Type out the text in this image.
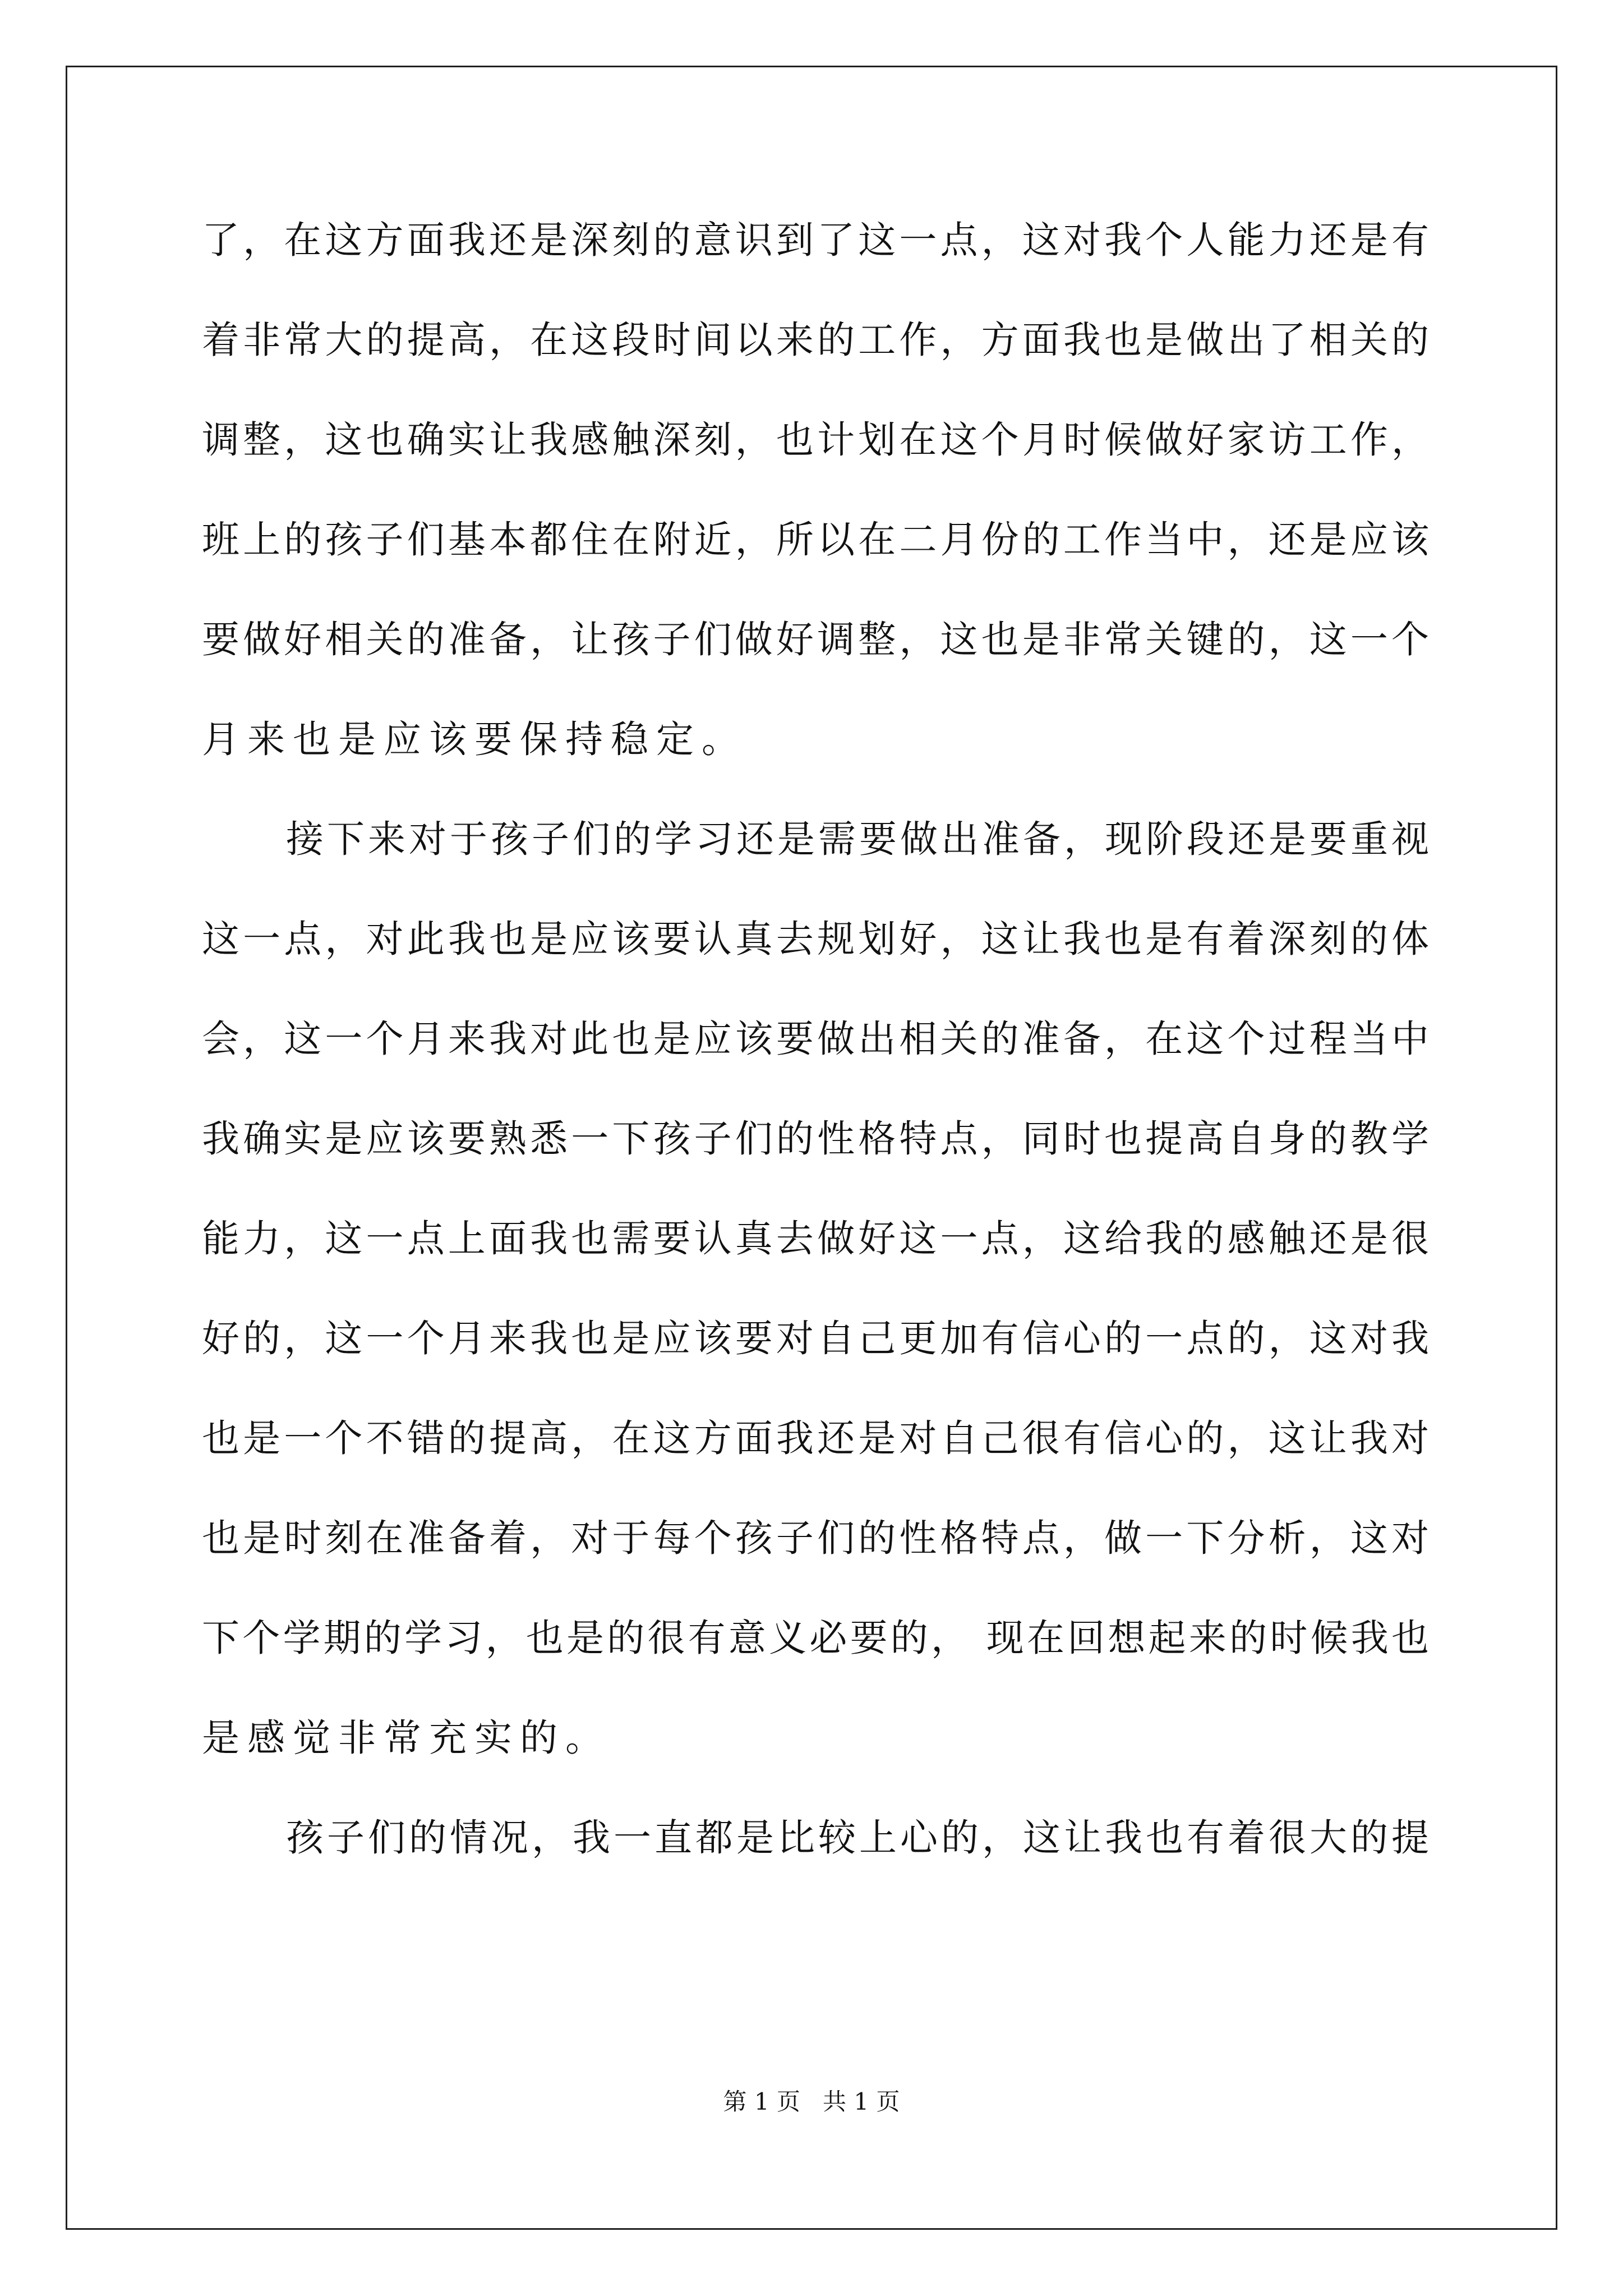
了，在这方面我还是深刻的意识到了这一点，这对我个人能力还是有
着非常大的提高，在这段时间以来的工作，方面我也是做出了相关的
调整，这也确实让我感触深刻，也计划在这个月时候做好家访工作，
班上的孩子们基本都住在附近，所以在二月份的工作当中，还是应该
要做好相关的准备，让孩子们做好调整，这也是非常关键的，这一个
月来也是应该要保持稳定。
接下来对于孩子们的学习还是需要做出准备，现阶段还是要重视
这一点，对此我也是应该要认真去规划好，这让我也是有着深刻的体
会，这一个月来我对此也是应该要做出相关的准备，在这个过程当中
我确实是应该要熟悉一下孩子们的性格特点，同时也提高自身的教学
能力，这一点上面我也需要认真去做好这一点，这给我的感触还是很
好的，这一个月来我也是应该要对自己更加有信心的一点的，这对我
也是一个不错的提高，在这方面我还是对自己很有信心的，这让我对
也是时刻在准备着，对于每个孩子们的性格特点，做一下分析，这对
下个学期的学习，也是的很有意义必要的， 现在回想起来的时候我也
是感觉非常充实的。
孩子们的情况，我一直都是比较上心的，这让我也有着很大的提
第 1 页   共 1 页
